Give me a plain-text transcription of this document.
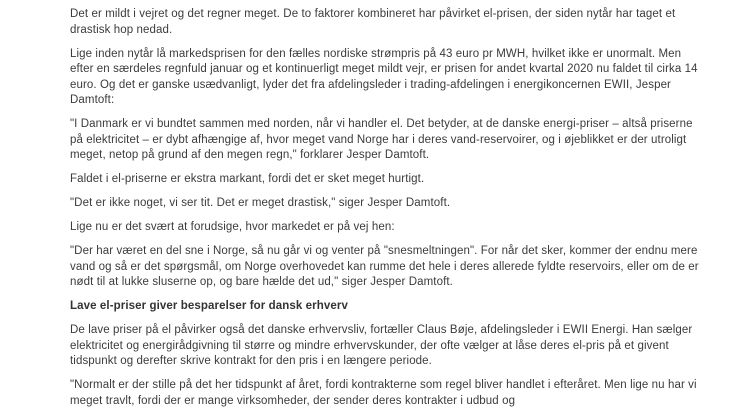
Det er mildt i vejret og det regner meget. De to faktorer kombineret har påvirket el-prisen, der siden nytår har taget et drastisk hop nedad.

Lige inden nytår lå markedsprisen for den fælles nordiske strømpris på 43 euro pr MWH, hvilket ikke er unormalt. Men efter en særdeles regnfuld januar og et kontinuerligt meget mildt vejr, er prisen for andet kvartal 2020 nu faldet til cirka 14 euro. Og det er ganske usædvanligt, lyder det fra afdelingsleder i trading-afdelingen i energikoncernen EWII, Jesper Damtoft:

"I Danmark er vi bundtet sammen med norden, når vi handler el. Det betyder, at de danske energi-priser – altså priserne på elektricitet – er dybt afhængige af, hvor meget vand Norge har i deres vand-reservoirer, og i øjeblikket er der utroligt meget, netop på grund af den megen regn," forklarer Jesper Damtoft.

Faldet i el-priserne er ekstra markant, fordi det er sket meget hurtigt.

"Det er ikke noget, vi ser tit. Det er meget drastisk," siger Jesper Damtoft.

Lige nu er det svært at forudsige, hvor markedet er på vej hen:

"Der har været en del sne i Norge, så nu går vi og venter på "snesmeltningen". For når det sker, kommer der endnu mere vand og så er det spørgsmål, om Norge overhovedet kan rumme det hele i deres allerede fyldte reservoirs, eller om de er nødt til at lukke sluserne op, og bare hælde det ud," siger Jesper Damtoft.

Lave el-priser giver besparelser for dansk erhverv

De lave priser på el påvirker også det danske erhvervsliv, fortæller Claus Bøje, afdelingsleder i EWII Energi. Han sælger elektricitet og energirådgivning til større og mindre erhvervskunder, der ofte vælger at låse deres el-pris på et givent tidspunkt og derefter skrive kontrakt for den pris i en længere periode.

"Normalt er der stille på det her tidspunkt af året, fordi kontrakterne som regel bliver handlet i efteråret. Men lige nu har vi meget travlt, fordi der er mange virksomheder, der sender deres kontrakter i udbud og
